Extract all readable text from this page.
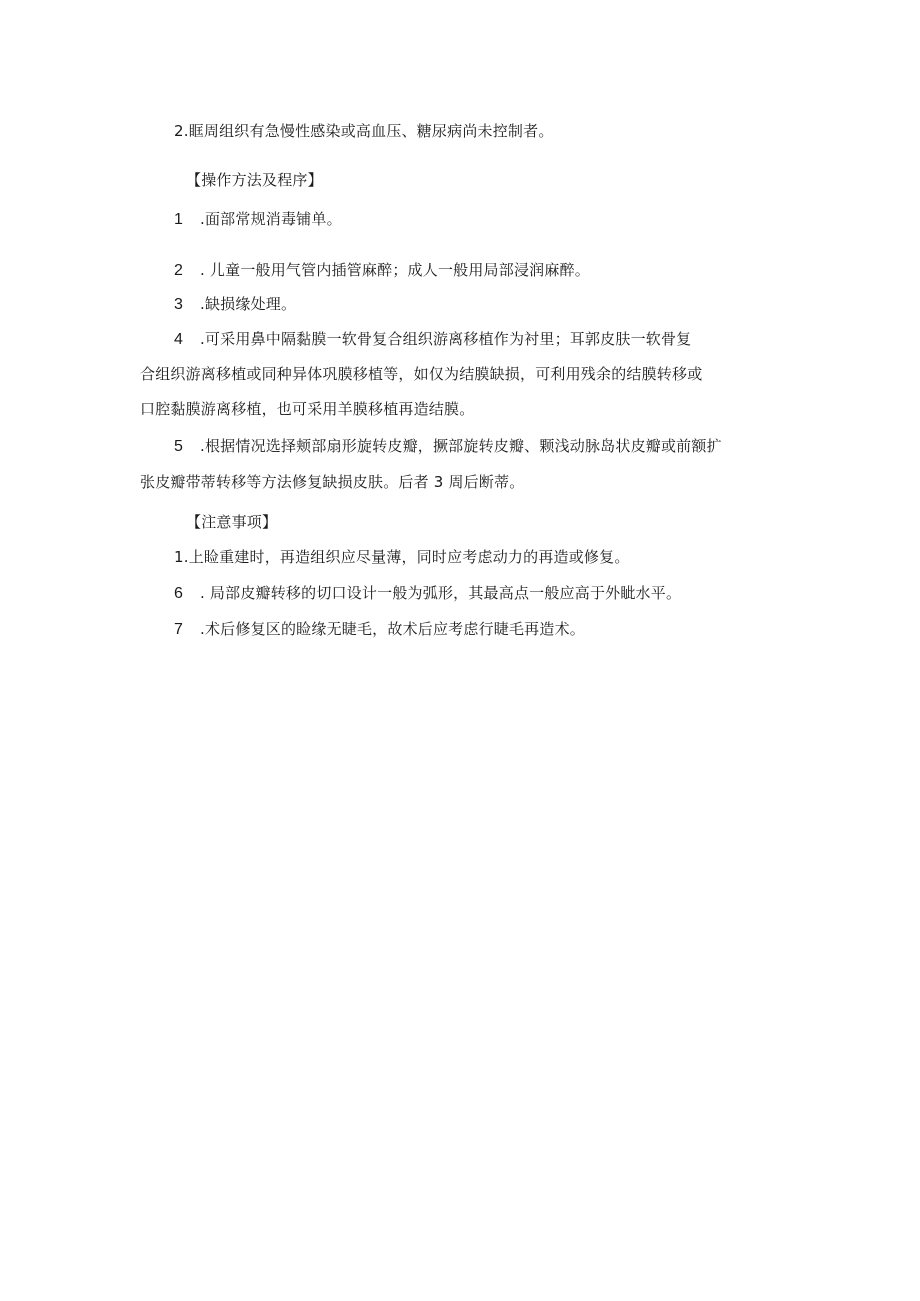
2.眶周组织有急慢性感染或高血压、糖尿病尚未控制者。
【操作方法及程序】
1 .面部常规消毒铺单。
2 . 儿童一般用气管内插管麻醉；成人一般用局部浸润麻醉。
3 .缺损缘处理。
4 .可采用鼻中隔黏膜一软骨复合组织游离移植作为衬里；耳郭皮肤一软骨复
合组织游离移植或同种异体巩膜移植等，如仅为结膜缺损，可利用残余的结膜转移或
口腔黏膜游离移植，也可采用羊膜移植再造结膜。
5 .根据情况选择颊部扇形旋转皮瓣，撅部旋转皮瓣、颗浅动脉岛状皮瓣或前额扩
张皮瓣带蒂转移等方法修复缺损皮肤。后者 3 周后断蒂。
【注意事项】
1.上睑重建时，再造组织应尽量薄，同时应考虑动力的再造或修复。
6 . 局部皮瓣转移的切口设计一般为弧形，其最高点一般应高于外眦水平。
7 .术后修复区的睑缘无睫毛，故术后应考虑行睫毛再造术。
